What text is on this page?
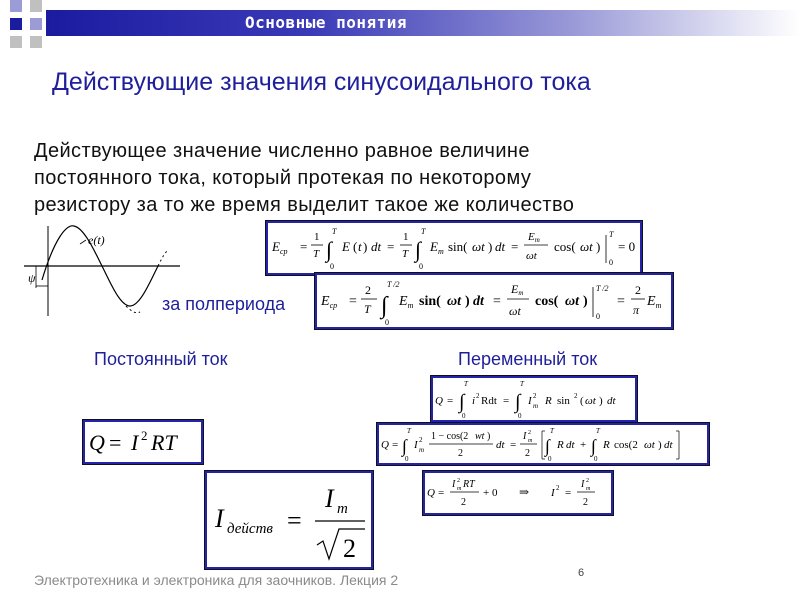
Основные понятия
Действующие значения синусоидального тока
Действующее значение численно равное величине
постоянного тока, который протекая по некоторому
резистору за то же время выделит такое же количество
ψ
e(t)	$E_{ср}$ =
1
T ∫
T
0
E ( t ) dt =
1
T ∫
T
0
$E_m$ sin( ωt ) dt =
Em
ωt
cos( ωt )
T
0
= 0
за полпериода	$E_{ср}$ =
2
T ∫
T /2
0
$E_m$ sin( ωt ) dt =
Em
ωt
cos( ωt )
T /2
0
=
2
π
$E_m$
Постоянный ток	Переменный ток
Q = I 2 RT
I действ =
I m
2
Q = ∫
T
0
i 2 Rdt = ∫
T
0
I 2
m R sin 2 ( ωt ) dt
Q = ∫
T
0
I 2
m
1 − cos(2 wt )
2
dt =
I 2
m
2 ∫
T
0
R dt + ∫
T
0
R cos(2 ωt ) dt
Q =
I 2
m RT
2
+ 0 ⇒ I 2 =
I 2
m
2
Электротехника и электроника для заочников. Лекция 2	6
